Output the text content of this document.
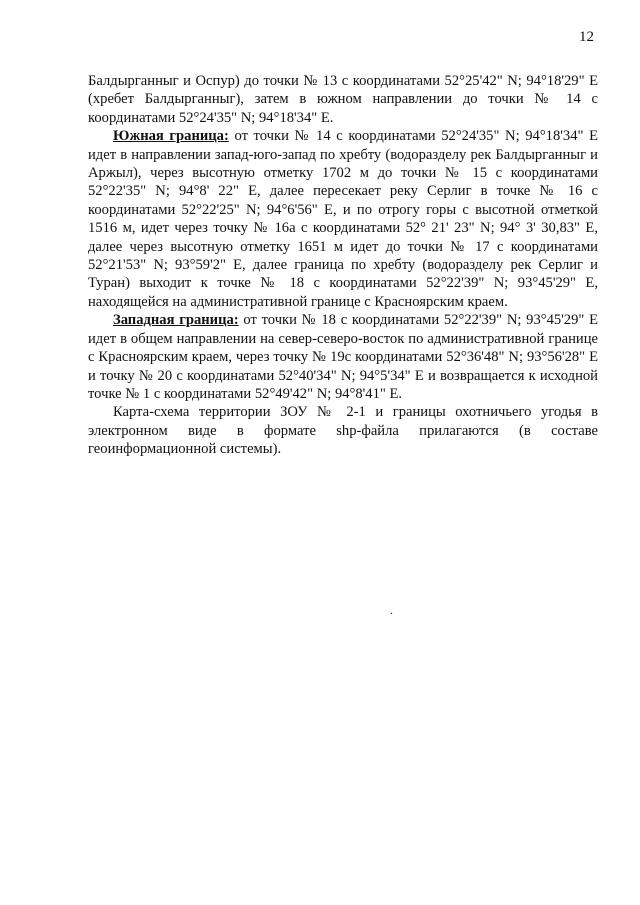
12

Балдырганныг и Оспур) до точки № 13 с координатами 52°25'42" N; 94°18'29" E (хребет Балдырганныг), затем в южном направлении до точки № 14 с координатами 52°24'35" N; 94°18'34" E.

Южная граница: от точки № 14 с координатами 52°24'35" N; 94°18'34" E идет в направлении запад-юго-запад по хребту (водоразделу рек Балдырганныг и Аржыл), через высотную отметку 1702 м до точки № 15 с координатами 52°22'35" N; 94°8' 22" E, далее пересекает реку Серлиг в точке № 16 с координатами 52°22'25" N; 94°6'56" E, и по отрогу горы с высотной отметкой 1516 м, идет через точку № 16а с координатами 52° 21' 23" N; 94° 3' 30,83" E, далее через высотную отметку 1651 м идет до точки № 17 с координатами 52°21'53" N; 93°59'2" E, далее граница по хребту (водоразделу рек Серлиг и Туран) выходит к точке № 18 с координатами 52°22'39" N; 93°45'29" E, находящейся на административной границе с Красноярским краем.

Западная граница: от точки № 18 с координатами 52°22'39" N; 93°45'29" E идет в общем направлении на север-северо-восток по административной границе с Красноярским краем, через точку № 19с координатами 52°36'48" N; 93°56'28" E и точку № 20 с координатами 52°40'34" N; 94°5'34" E и возвращается к исходной точке № 1 с координатами 52°49'42" N; 94°8'41" E.

Карта-схема территории ЗОУ № 2-1 и границы охотничьего угодья в электронном виде в формате shp-файла прилагаются (в составе геоинформационной системы).

.
